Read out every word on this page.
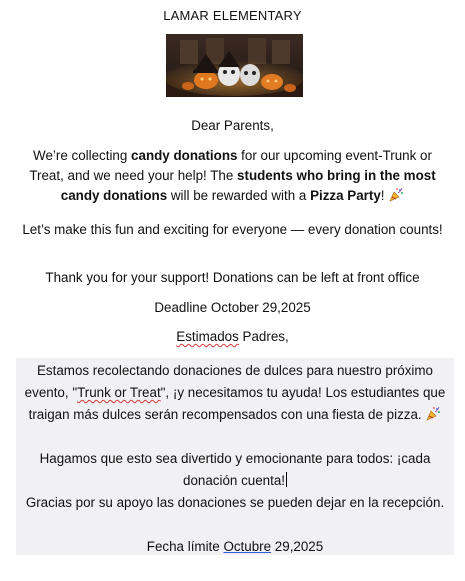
LAMAR ELEMENTARY
Dear Parents,
We’re collecting candy donations for our upcoming event-Trunk or Treat, and we need your help! The students who bring in the most candy donations will be rewarded with a Pizza Party!
Let’s make this fun and exciting for everyone — every donation counts!
Thank you for your support! Donations can be left at front office
Deadline October 29,2025
Estimados Padres,
Estamos recolectando donaciones de dulces para nuestro próximo evento, "Trunk or Treat", ¡y necesitamos tu ayuda! Los estudiantes que traigan más dulces serán recompensados con una fiesta de pizza.
Hagamos que esto sea divertido y emocionante para todos: ¡cada donación cuenta!
Gracias por su apoyo las donaciones se pueden dejar en la recepción.
Fecha límite Octubre 29,2025
